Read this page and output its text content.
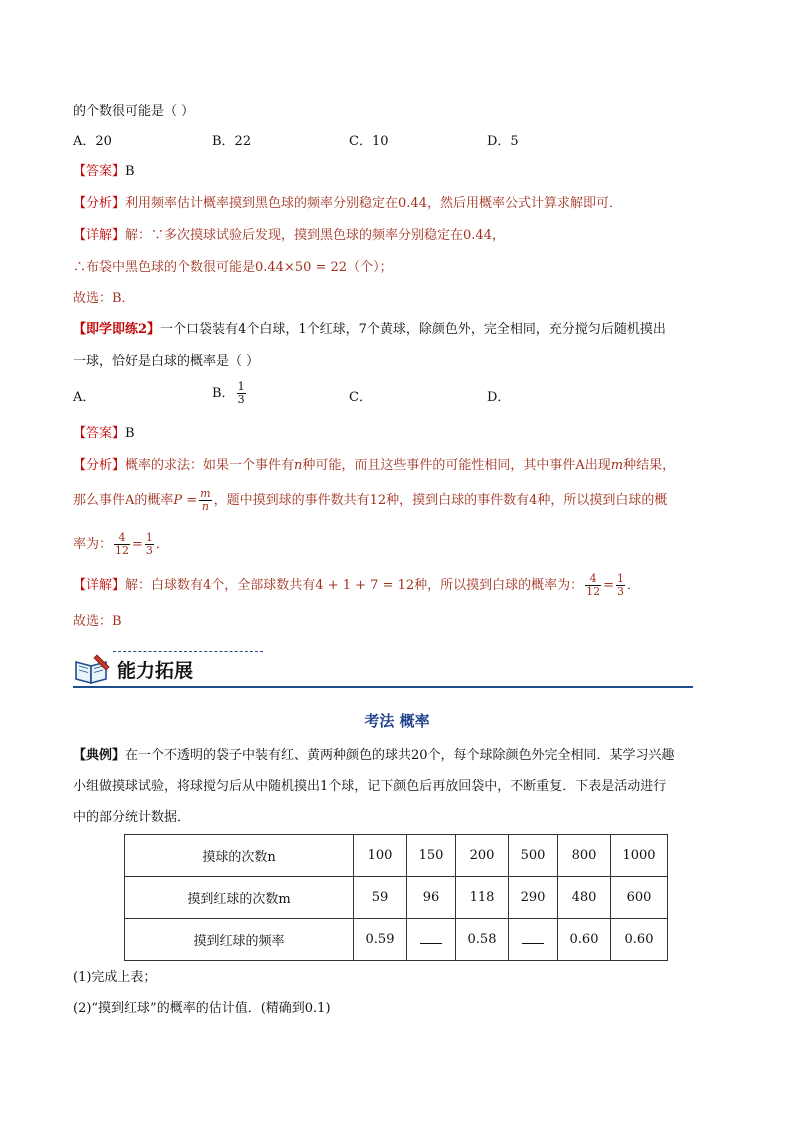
的个数很可能是（ ）
A．20	B．22	C．10	D．5
【答案】B
【分析】利用频率估计概率摸到黑色球的频率分别稳定在0.44，然后用概率公式计算求解即可．
【详解】解：∵多次摸球试验后发现，摸到黑色球的频率分别稳定在0.44，
∴布袋中黑色球的个数很可能是0.44×50 = 22（个）；
故选：B．
【即学即练2】一个口袋装有4个白球，1个红球，7个黄球，除颜色外，完全相同，充分搅匀后随机摸出
一球，恰好是白球的概率是（ ）
A．	B． $\frac{1}{3}$	C．	D．
【答案】B
【分析】概率的求法：如果一个事件有n种可能，而且这些事件的可能性相同，其中事件A出现m种结果，
那么事件A的概率$P = \frac{m}{n}$ ，题中摸到球的事件数共有12种，摸到白球的事件数有4种，所以摸到白球的概
率为： $\frac{4}{12} = \frac{1}{3}$ ．
【详解】解：白球数有4个，全部球数共有4 + 1 + 7 = 12种，所以摸到白球的概率为： $\frac{4}{12} = \frac{1}{3}$ ．
故选：B
能力拓展
考法 概率
【典例】在一个不透明的袋子中装有红、黄两种颜色的球共20个，每个球除颜色外完全相同．某学习兴趣
小组做摸球试验，将球搅匀后从中随机摸出1个球，记下颜色后再放回袋中，不断重复．下表是活动进行
中的部分统计数据．
摸球的次数n	100	150	200	500	800	1000
摸到红球的次数m	59	96	118	290	480	600
摸到红球的频率	0.59		0.58		0.60	0.60
(1)完成上表；
(2)“摸到红球”的概率的估计值．(精确到0.1)
